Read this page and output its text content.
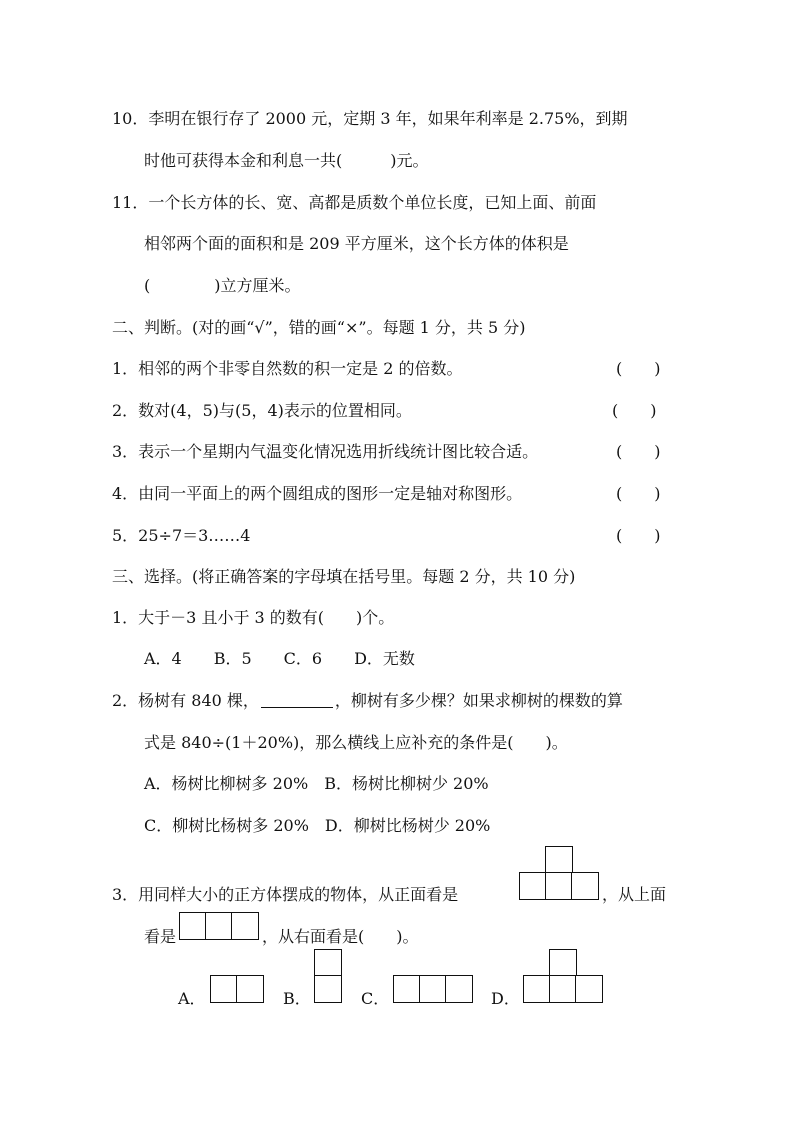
10．李明在银行存了 2000 元，定期 3 年，如果年利率是 2.75%，到期
时他可获得本金和利息一共(　　　)元。
11．一个长方体的长、宽、高都是质数个单位长度，已知上面、前面
相邻两个面的面积和是 209 平方厘米，这个长方体的体积是
(　　　　)立方厘米。
二、判断。(对的画“√”，错的画“×”。每题 1 分，共 5 分)
1．相邻的两个非零自然数的积一定是 2 的倍数。	(　　)
2．数对(4，5)与(5，4)表示的位置相同。	(　　)
3．表示一个星期内气温变化情况选用折线统计图比较合适。	(　　)
4．由同一平面上的两个圆组成的图形一定是轴对称图形。	(　　)
5．25÷7＝3……4	(　　)
三、选择。(将正确答案的字母填在括号里。每题 2 分，共 10 分)
1．大于－3 且小于 3 的数有(　　)个。
A．4　　B．5　　C．6　　D．无数
2．杨树有 840 棵，	，柳树有多少棵？如果求柳树的棵数的算
式是 840÷(1＋20%)，那么横线上应补充的条件是(　　)。
A．杨树比柳树多 20%　B．杨树比柳树少 20%
C．柳树比杨树多 20%　D．柳树比杨树少 20%
3．用同样大小的正方体摆成的物体，从正面看是	，从上面
看是	，从右面看是(　　)。
A．	B．	C．	D．
